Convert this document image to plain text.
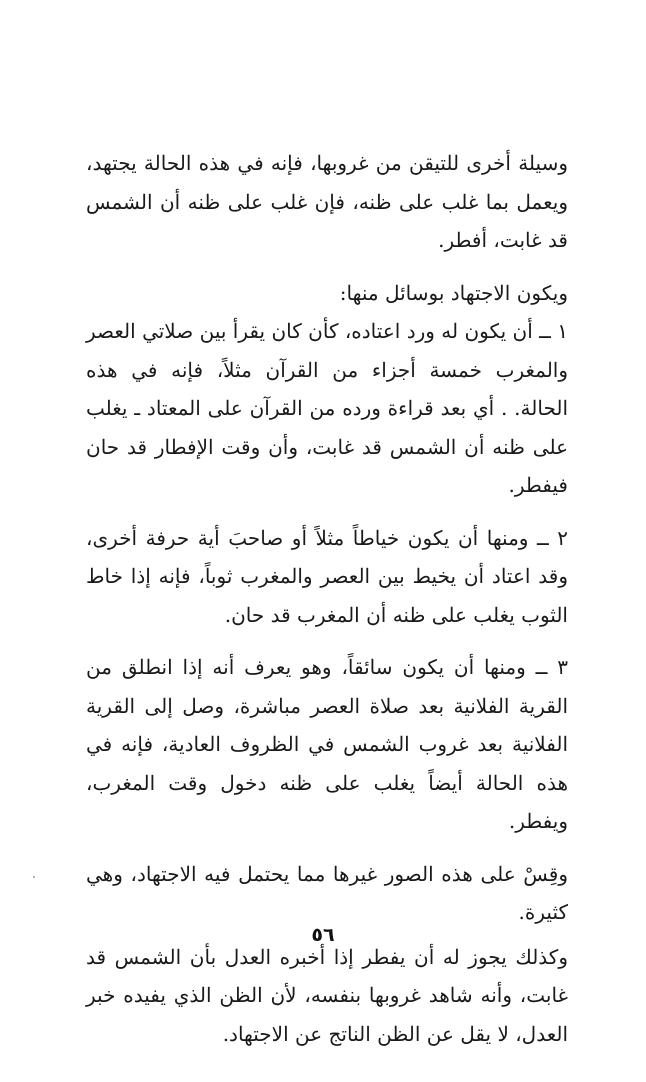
وسيلة أخرى للتيقن من غروبها، فإنه في هذه الحالة يجتهد، ويعمل بما غلب على ظنه، فإن غلب على ظنه أن الشمس قد غابت، أفطر.

ويكون الاجتهاد بوسائل منها:

١ ــ أن يكون له ورد اعتاده، كأن كان يقرأ بين صلاتي العصر والمغرب خمسة أجزاء من القرآن مثلاً، فإنه في هذه الحالة. . أي بعد قراءة ورده من القرآن على المعتاد ـ يغلب على ظنه أن الشمس قد غابت، وأن وقت الإفطار قد حان فيفطر.

٢ ــ ومنها أن يكون خياطاً مثلاً أو صاحبَ أية حرفة أخرى، وقد اعتاد أن يخيط بين العصر والمغرب ثوباً، فإنه إذا خاط الثوب يغلب على ظنه أن المغرب قد حان.

٣ ــ ومنها أن يكون سائقاً، وهو يعرف أنه إذا انطلق من القرية الفلانية بعد صلاة العصر مباشرة، وصل إلى القرية الفلانية بعد غروب الشمس في الظروف العادية، فإنه في هذه الحالة أيضاً يغلب على ظنه دخول وقت المغرب، ويفطر.

وقِسْ على هذه الصور غيرها مما يحتمل فيه الاجتهاد، وهي كثيرة.

وكذلك يجوز له أن يفطر إذا أخبره العدل بأن الشمس قد غابت، وأنه شاهد غروبها بنفسه، لأن الظن الذي يفيده خبر العدل، لا يقل عن الظن الناتج عن الاجتهاد.

٥٦
